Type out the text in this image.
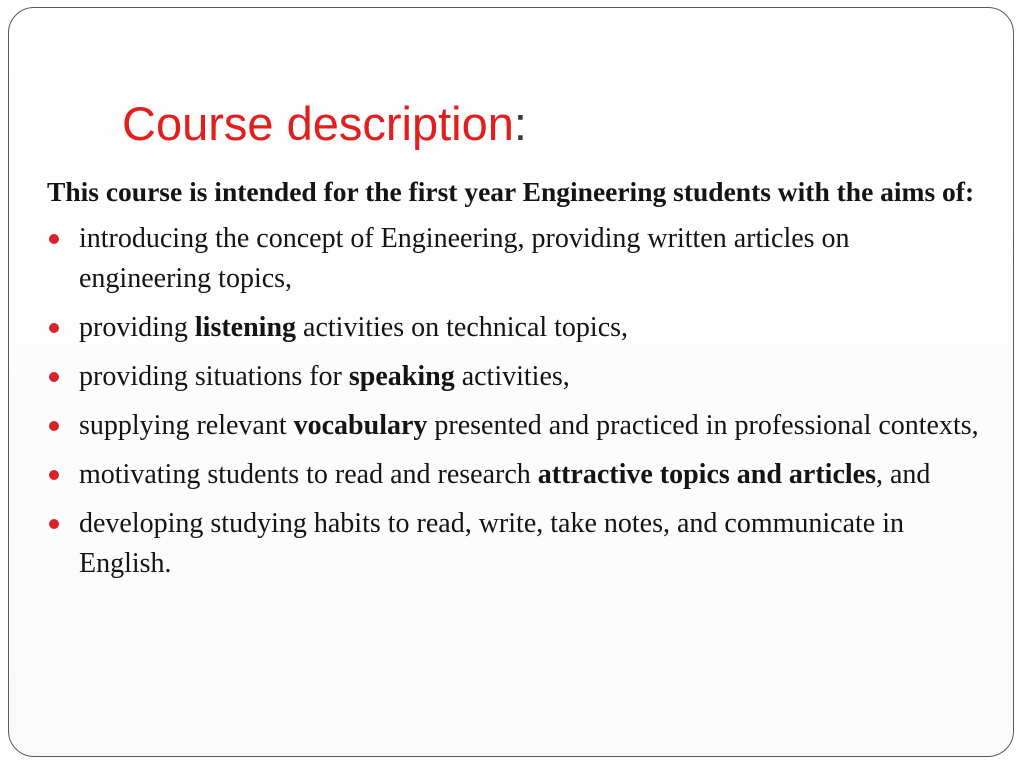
Course description:

This course is intended for the first year Engineering students with the aims of:

introducing the concept of Engineering, providing written articles on engineering topics,
providing listening activities on technical topics,
providing situations for speaking activities,
supplying relevant vocabulary presented and practiced in professional contexts,
motivating students to read and research attractive topics and articles, and
developing studying habits to read, write, take notes, and communicate in English.
